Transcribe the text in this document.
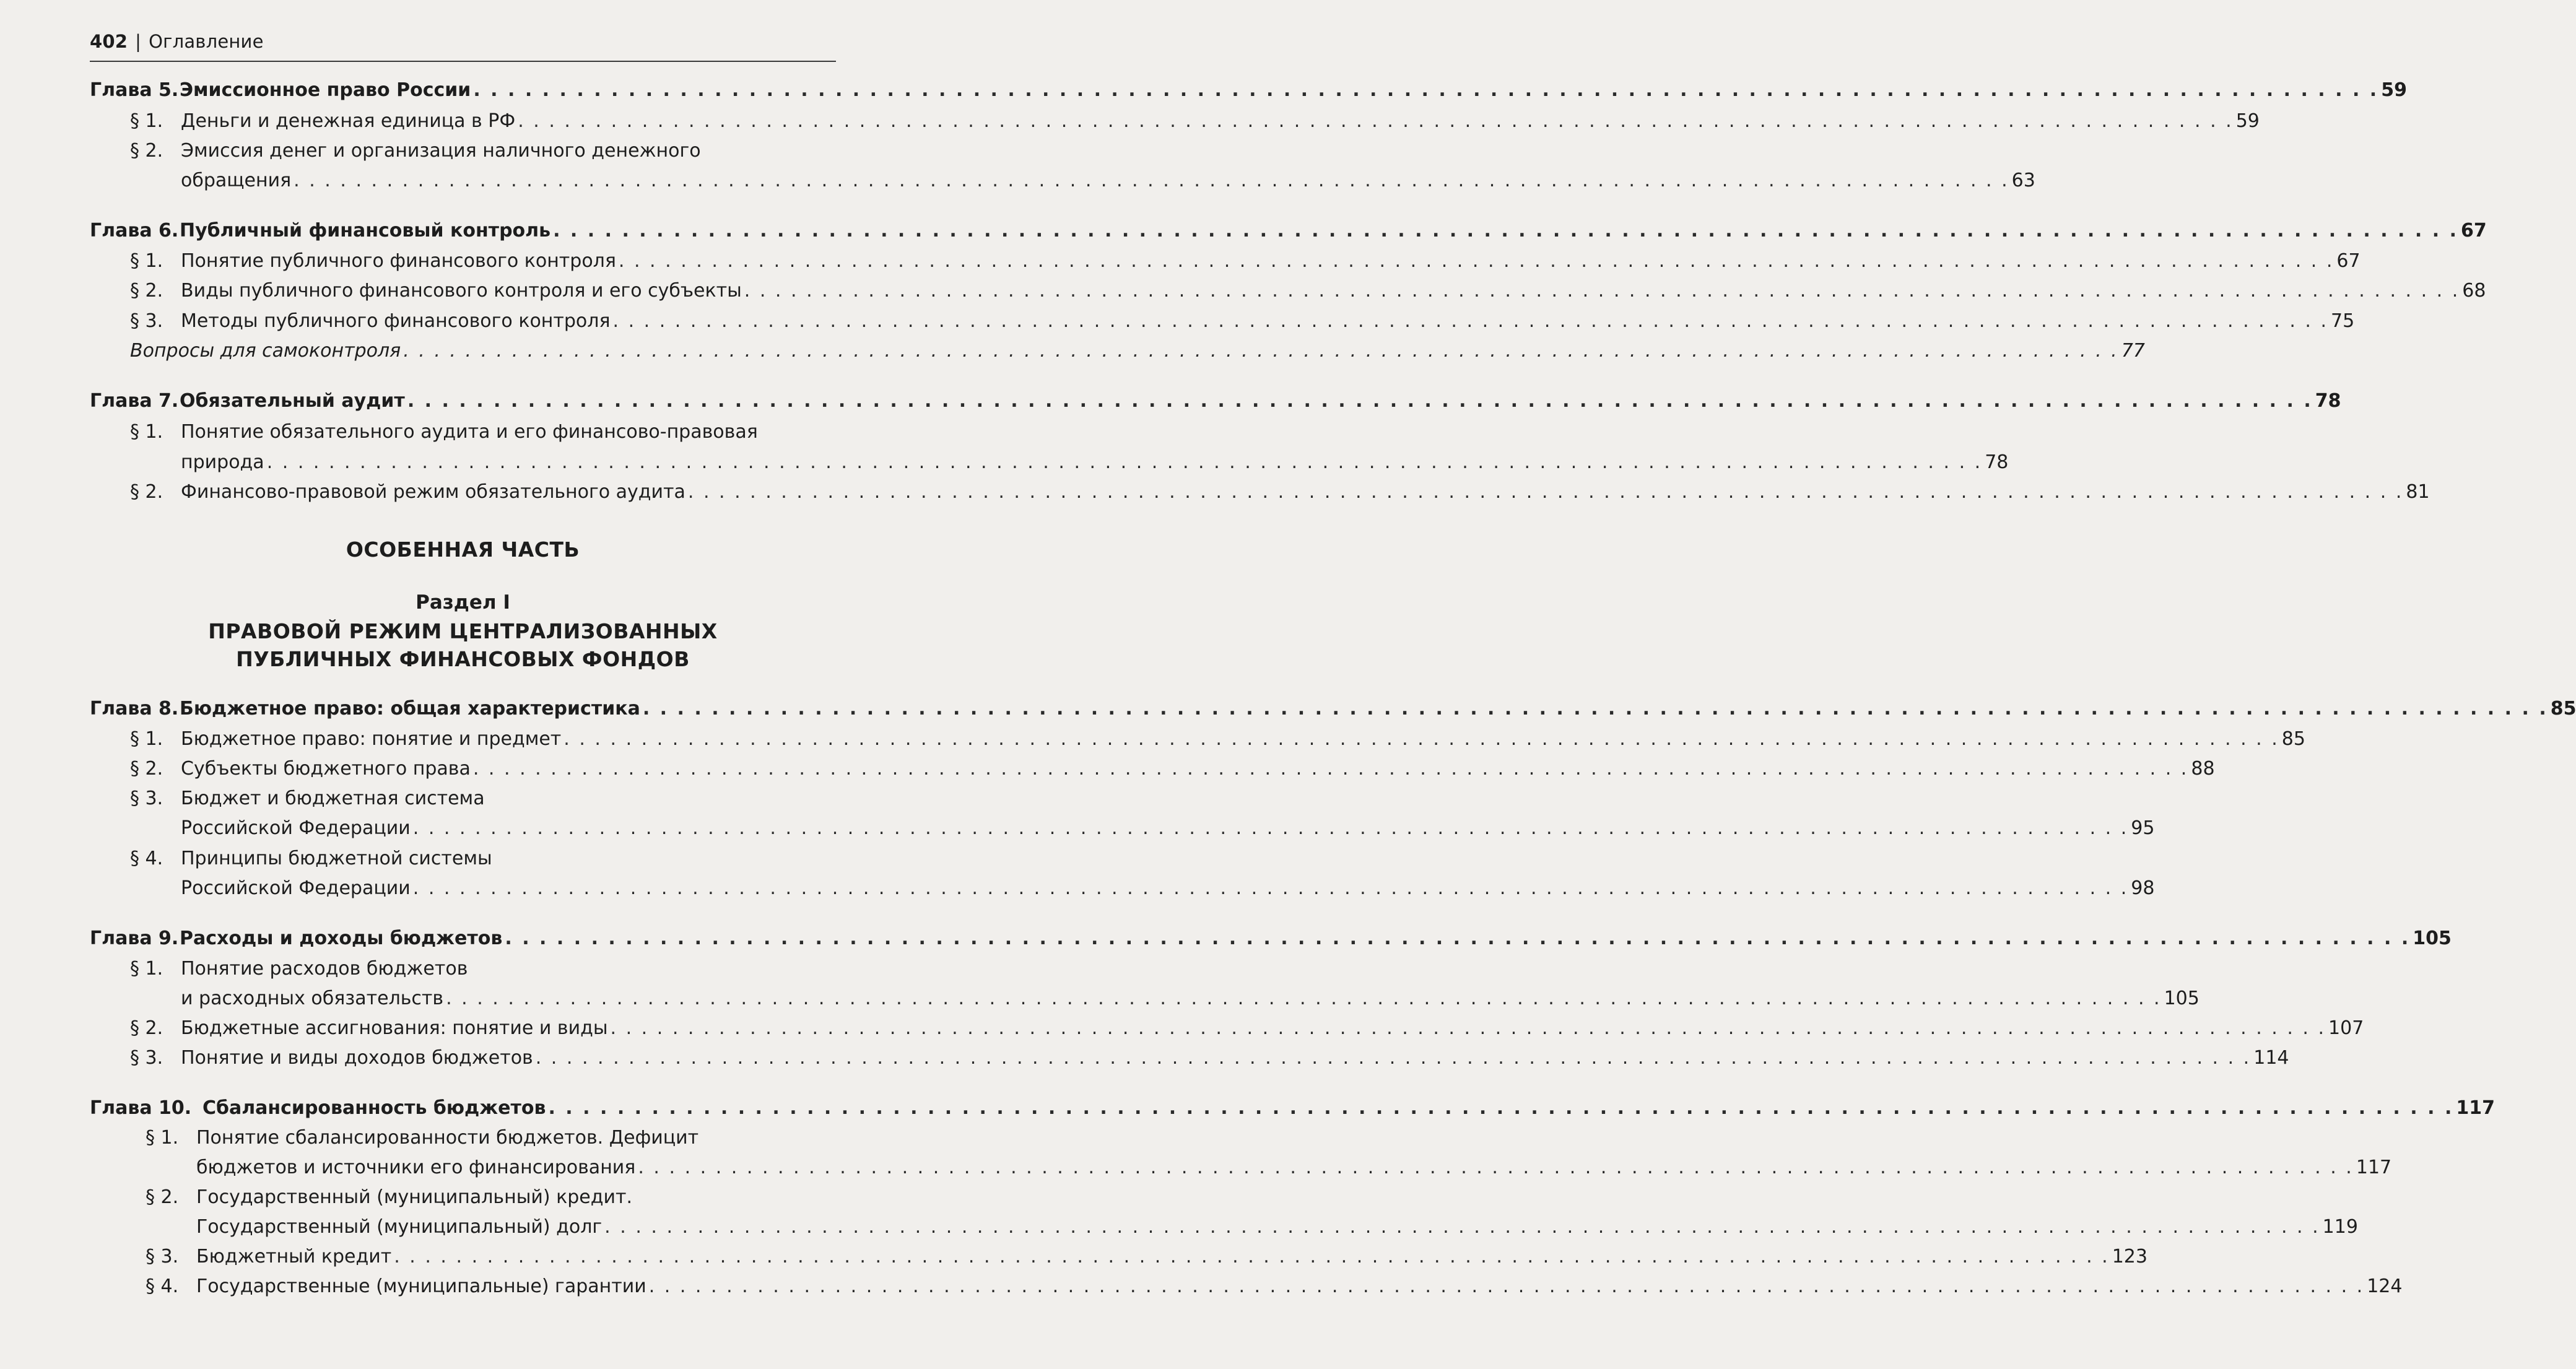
402 | Оглавление
Глава 5. Эмиссионное право России . . .	59
§ 1. Деньги и денежная единица в РФ . . .	59
§ 2. Эмиссия денег и организация наличного денежного
обращения . . .	63
Глава 6. Публичный финансовый контроль . . .	67
§ 1. Понятие публичного финансового контроля . . .	67
§ 2. Виды публичного финансового контроля и его субъекты . . .	68
§ 3. Методы публичного финансового контроля . . .	75
Вопросы для самоконтроля . . .	77
Глава 7. Обязательный аудит . . .	78
§ 1. Понятие обязательного аудита и его финансово-правовая
природа . . .	78
§ 2. Финансово-правовой режим обязательного аудита . . .	81
ОСОБЕННАЯ ЧАСТЬ
Раздел I
ПРАВОВОЙ РЕЖИМ ЦЕНТРАЛИЗОВАННЫХ
ПУБЛИЧНЫХ ФИНАНСОВЫХ ФОНДОВ
Глава 8. Бюджетное право: общая характеристика . . .	85
§ 1. Бюджетное право: понятие и предмет . . .	85
§ 2. Субъекты бюджетного права . . .	88
§ 3. Бюджет и бюджетная система
Российской Федерации . . .	95
§ 4. Принципы бюджетной системы
Российской Федерации . . .	98
Глава 9. Расходы и доходы бюджетов . . .	105
§ 1. Понятие расходов бюджетов
и расходных обязательств . . .	105
§ 2. Бюджетные ассигнования: понятие и виды . . .	107
§ 3. Понятие и виды доходов бюджетов . . .	114
Глава 10. Сбалансированность бюджетов . . .	117
§ 1. Понятие сбалансированности бюджетов. Дефицит
бюджетов и источники его финансирования . . .	117
§ 2. Государственный (муниципальный) кредит.
Государственный (муниципальный) долг . . .	119
§ 3. Бюджетный кредит . . .	123
§ 4. Государственные (муниципальные) гарантии . . .	124
